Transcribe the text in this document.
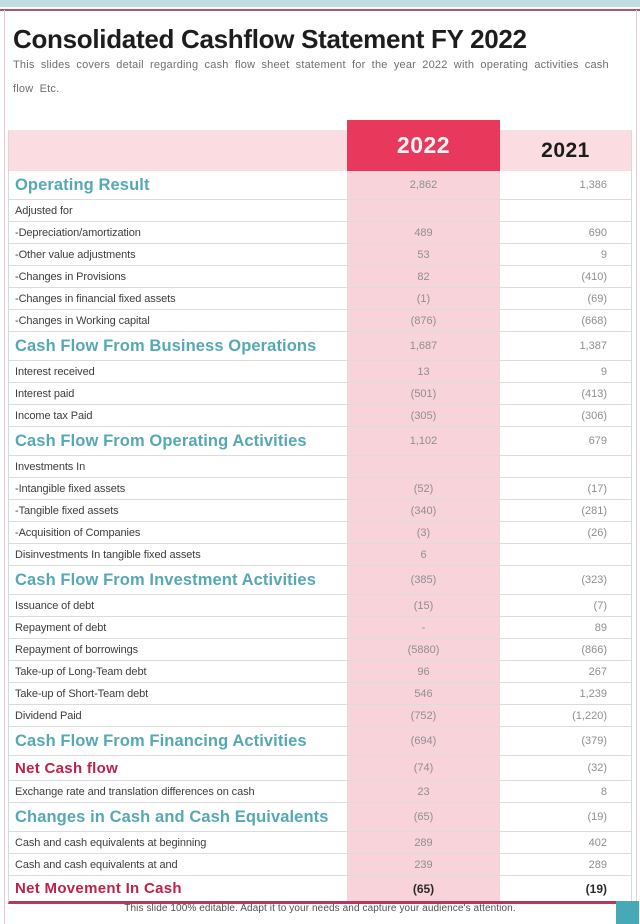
Consolidated Cashflow Statement FY 2022

This slides covers detail regarding cash flow sheet statement for the year 2022 with operating activities cash flow Etc.

2022	2021
Operating Result	2,862	1,386
Adjusted for
-Depreciation/amortization	489	690
-Other value adjustments	53	9
-Changes in Provisions	82	(410)
-Changes in financial fixed assets	(1)	(69)
-Changes in Working capital	(876)	(668)
Cash Flow From Business Operations	1,687	1,387
Interest received	13	9
Interest paid	(501)	(413)
Income tax Paid	(305)	(306)
Cash Flow From Operating Activities	1,102	679
Investments In
-Intangible fixed assets	(52)	(17)
-Tangible fixed assets	(340)	(281)
-Acquisition of Companies	(3)	(26)
Disinvestments In tangible fixed assets	6
Cash Flow From Investment Activities	(385)	(323)
Issuance of debt	(15)	(7)
Repayment of debt	-	89
Repayment of borrowings	(5880)	(866)
Take-up of Long-Team debt	96	267
Take-up of Short-Team debt	546	1,239
Dividend Paid	(752)	(1,220)
Cash Flow From Financing Activities	(694)	(379)
Net Cash flow	(74)	(32)
Exchange rate and translation differences on cash	23	8
Changes in Cash and Cash Equivalents	(65)	(19)
Cash and cash equivalents at beginning	289	402
Cash and cash equivalents at and	239	289
Net Movement In Cash	(65)	(19)
This slide 100% editable. Adapt it to your needs and capture your audience's attention.
